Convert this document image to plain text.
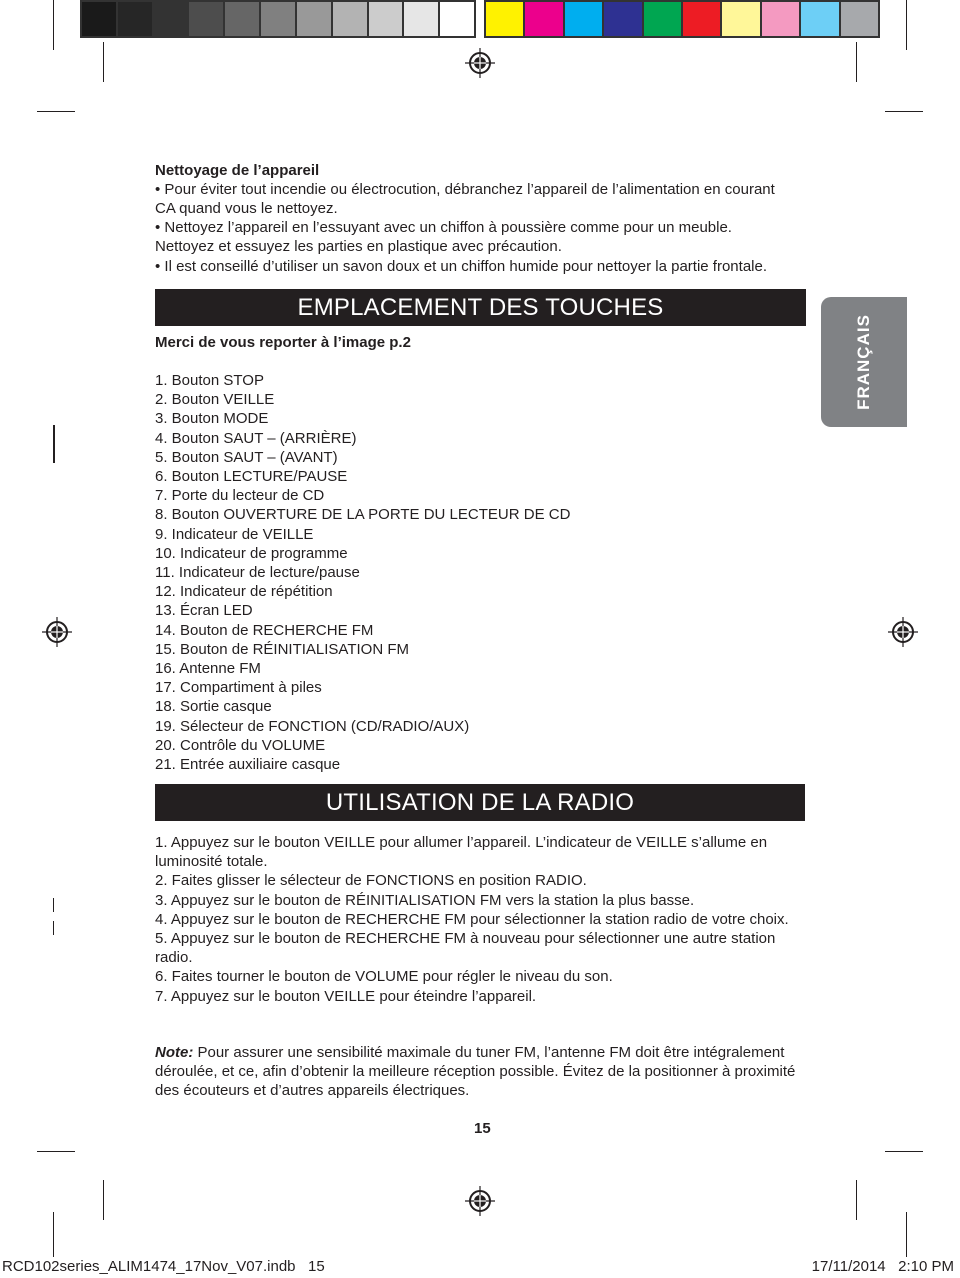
Nettoyage de l’appareil
• Pour éviter tout incendie ou électrocution, débranchez l’appareil de l’alimentation en courant
CA quand vous le nettoyez.
• Nettoyez l’appareil en l’essuyant avec un chiffon à poussière comme pour un meuble.
Nettoyez et essuyez les parties en plastique avec précaution.
• Il est conseillé d’utiliser un savon doux et un chiffon humide pour nettoyer la partie frontale.
EMPLACEMENT DES TOUCHES
Merci de vous reporter à l’image p.2
1. Bouton STOP
2. Bouton VEILLE
3. Bouton MODE
4. Bouton SAUT – (ARRIÈRE)
5. Bouton SAUT – (AVANT)
6. Bouton LECTURE/PAUSE
7. Porte du lecteur de CD
8. Bouton OUVERTURE DE LA PORTE DU LECTEUR DE CD
9. Indicateur de VEILLE
10. Indicateur de programme
11. Indicateur de lecture/pause
12. Indicateur de répétition
13. Écran LED
14. Bouton de RECHERCHE FM
15. Bouton de RÉINITIALISATION FM
16. Antenne FM
17. Compartiment à piles
18. Sortie casque
19. Sélecteur de FONCTION (CD/RADIO/AUX)
20. Contrôle du VOLUME
21. Entrée auxiliaire casque
FRANÇAIS
UTILISATION DE LA RADIO
1. Appuyez sur le bouton VEILLE pour allumer l’appareil. L’indicateur de VEILLE s’allume en luminosité totale.
2. Faites glisser le sélecteur de FONCTIONS en position RADIO.
3. Appuyez sur le bouton de RÉINITIALISATION FM vers la station la plus basse.
4. Appuyez sur le bouton de RECHERCHE FM pour sélectionner la station radio de votre choix.
5. Appuyez sur le bouton de RECHERCHE FM à nouveau pour sélectionner une autre station radio.
6. Faites tourner le bouton de VOLUME pour régler le niveau du son.
7. Appuyez sur le bouton VEILLE pour éteindre l’appareil.
Note: Pour assurer une sensibilité maximale du tuner FM, l’antenne FM doit être intégralement déroulée, et ce, afin d’obtenir la meilleure réception possible. Évitez de la positionner à proximité des écouteurs et d’autres appareils électriques.
15
RCD102series_ALIM1474_17Nov_V07.indb   15	17/11/2014   2:10 PM
